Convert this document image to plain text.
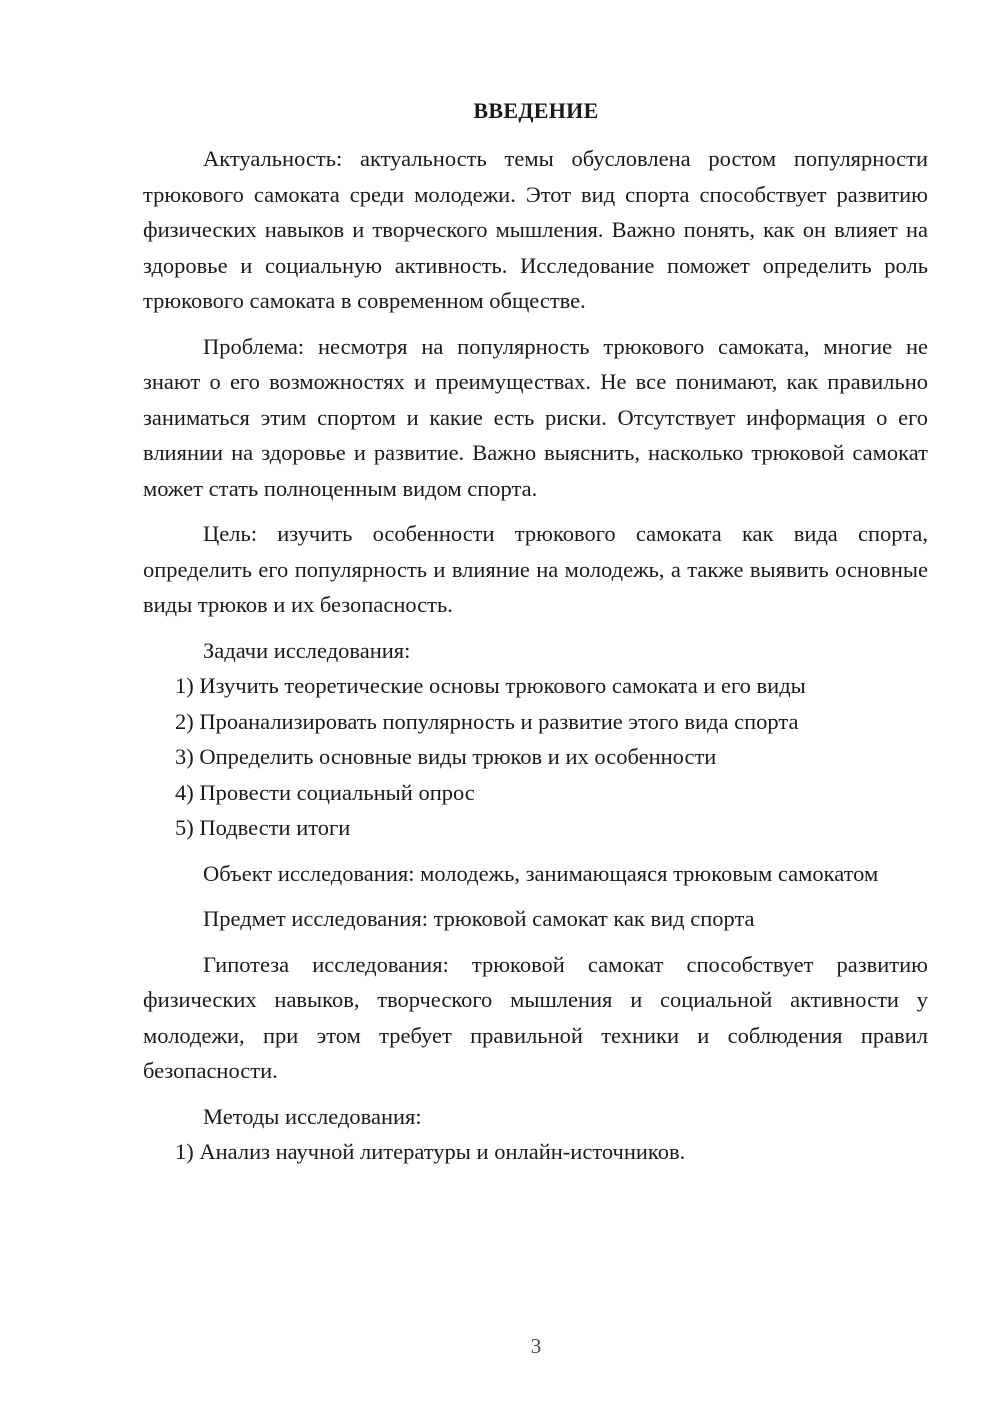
ВВЕДЕНИЕ

Актуальность: актуальность темы обусловлена ростом популярности трюкового самоката среди молодежи. Этот вид спорта способствует развитию физических навыков и творческого мышления. Важно понять, как он влияет на здоровье и социальную активность. Исследование поможет определить роль трюкового самоката в современном обществе.

Проблема: несмотря на популярность трюкового самоката, многие не знают о его возможностях и преимуществах. Не все понимают, как правильно заниматься этим спортом и какие есть риски. Отсутствует информация о его влиянии на здоровье и развитие. Важно выяснить, насколько трюковой самокат может стать полноценным видом спорта.

Цель: изучить особенности трюкового самоката как вида спорта, определить его популярность и влияние на молодежь, а также выявить основные виды трюков и их безопасность.

Задачи исследования:

1) Изучить теоретические основы трюкового самоката и его виды

2) Проанализировать популярность и развитие этого вида спорта

3) Определить основные виды трюков и их особенности

4) Провести социальный опрос

5) Подвести итоги

Объект исследования: молодежь, занимающаяся трюковым самокатом

Предмет исследования: трюковой самокат как вид спорта

Гипотеза исследования: трюковой самокат способствует развитию физических навыков, творческого мышления и социальной активности у молодежи, при этом требует правильной техники и соблюдения правил безопасности.

Методы исследования:

1) Анализ научной литературы и онлайн-источников.

3
